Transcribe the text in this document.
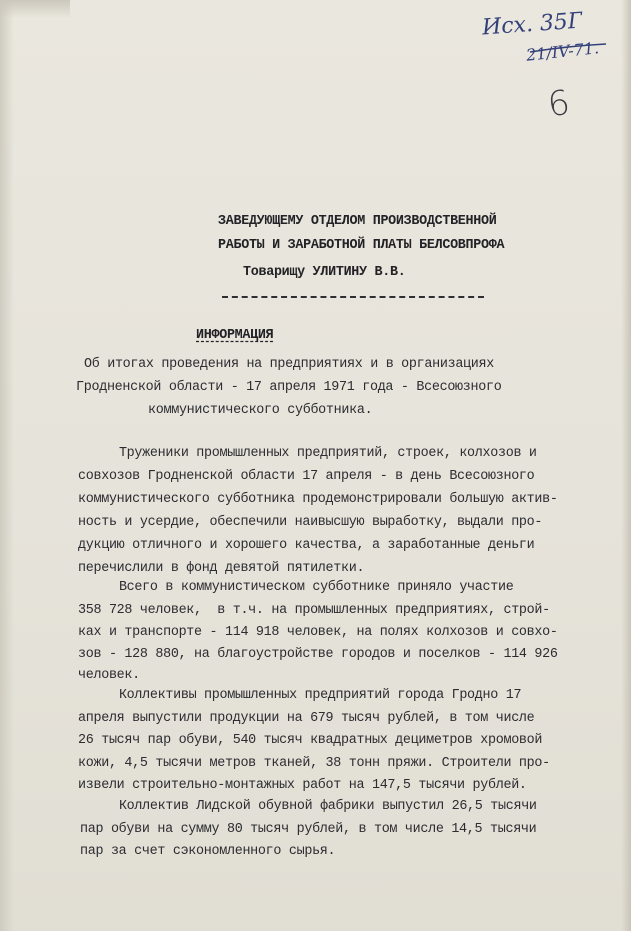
Исх. 35Г
21/IV-71.
6
ЗАВЕДУЮЩЕМУ ОТДЕЛОМ ПРОИЗВОДСТВЕННОЙ
РАБОТЫ И ЗАРАБОТНОЙ ПЛАТЫ БЕЛСОВПРОФА
Товарищу УЛИТИНУ В.В.
ИНФОРМАЦИЯ
Об итогах проведения на предприятиях и в организациях
Гродненской области - 17 апреля 1971 года - Всесоюзного
коммунистического субботника.
Труженики промышленных предприятий, строек, колхозов и
совхозов Гродненской области 17 апреля - в день Всесоюзного
коммунистического субботника продемонстрировали большую актив-
ность и усердие, обеспечили наивысшую выработку, выдали про-
дукцию отличного и хорошего качества, а заработанные деньги
перечислили в фонд девятой пятилетки.
Всего в коммунистическом субботнике приняло участие
358 728 человек,  в т.ч. на промышленных предприятиях, строй-
ках и транспорте - 114 918 человек, на полях колхозов и совхо-
зов - 128 880, на благоустройстве городов и поселков - 114 926
человек.
Коллективы промышленных предприятий города Гродно 17
апреля выпустили продукции на 679 тысяч рублей, в том числе
26 тысяч пар обуви, 540 тысяч квадратных дециметров хромовой
кожи, 4,5 тысячи метров тканей, 38 тонн пряжи. Строители про-
извели строительно-монтажных работ на 147,5 тысячи рублей.
Коллектив Лидской обувной фабрики выпустил 26,5 тысячи
пар обуви на сумму 80 тысяч рублей, в том числе 14,5 тысячи
пар за счет сэкономленного сырья.
